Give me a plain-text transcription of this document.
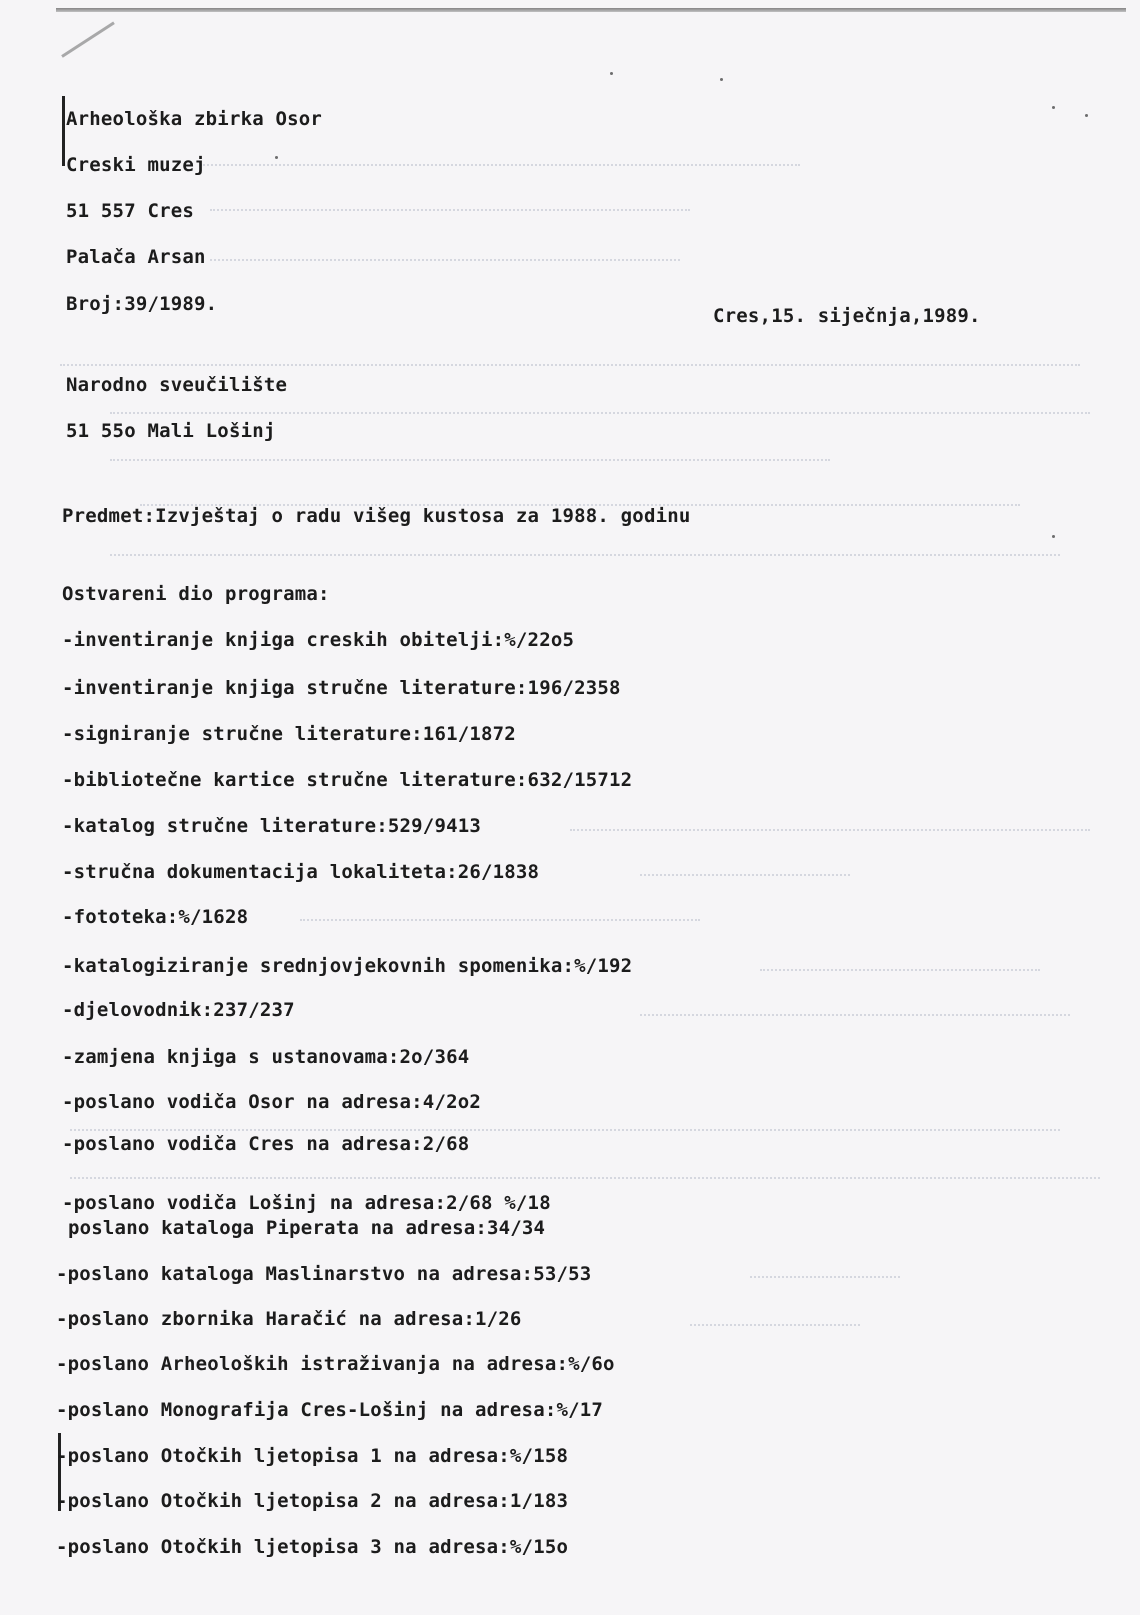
Arheološka zbirka Osor
Creski muzej
51 557 Cres
Palača Arsan
Broj:39/1989.
Cres,15. siječnja,1989.
Narodno sveučilište
51 55o Mali Lošinj
Predmet:Izvještaj o radu višeg kustosa za 1988. godinu
Ostvareni dio programa:
-inventiranje knjiga creskih obitelji:%/22o5
-inventiranje knjiga stručne literature:196/2358
-signiranje stručne literature:161/1872
-bibliotečne kartice stručne literature:632/15712
-katalog stručne literature:529/9413
-stručna dokumentacija lokaliteta:26/1838
-fototeka:%/1628
-katalogiziranje srednjovjekovnih spomenika:%/192
-djelovodnik:237/237
-zamjena knjiga s ustanovama:2o/364
-poslano vodiča Osor na adresa:4/2o2
-poslano vodiča Cres na adresa:2/68
-poslano vodiča Lošinj na adresa:2/68 %/18
poslano kataloga Piperata na adresa:34/34
-poslano kataloga Maslinarstvo na adresa:53/53
-poslano zbornika Haračić na adresa:1/26
-poslano Arheoloških istraživanja na adresa:%/6o
-poslano Monografija Cres-Lošinj na adresa:%/17
-poslano Otočkih ljetopisa 1 na adresa:%/158
-poslano Otočkih ljetopisa 2 na adresa:1/183
-poslano Otočkih ljetopisa 3 na adresa:%/15o
